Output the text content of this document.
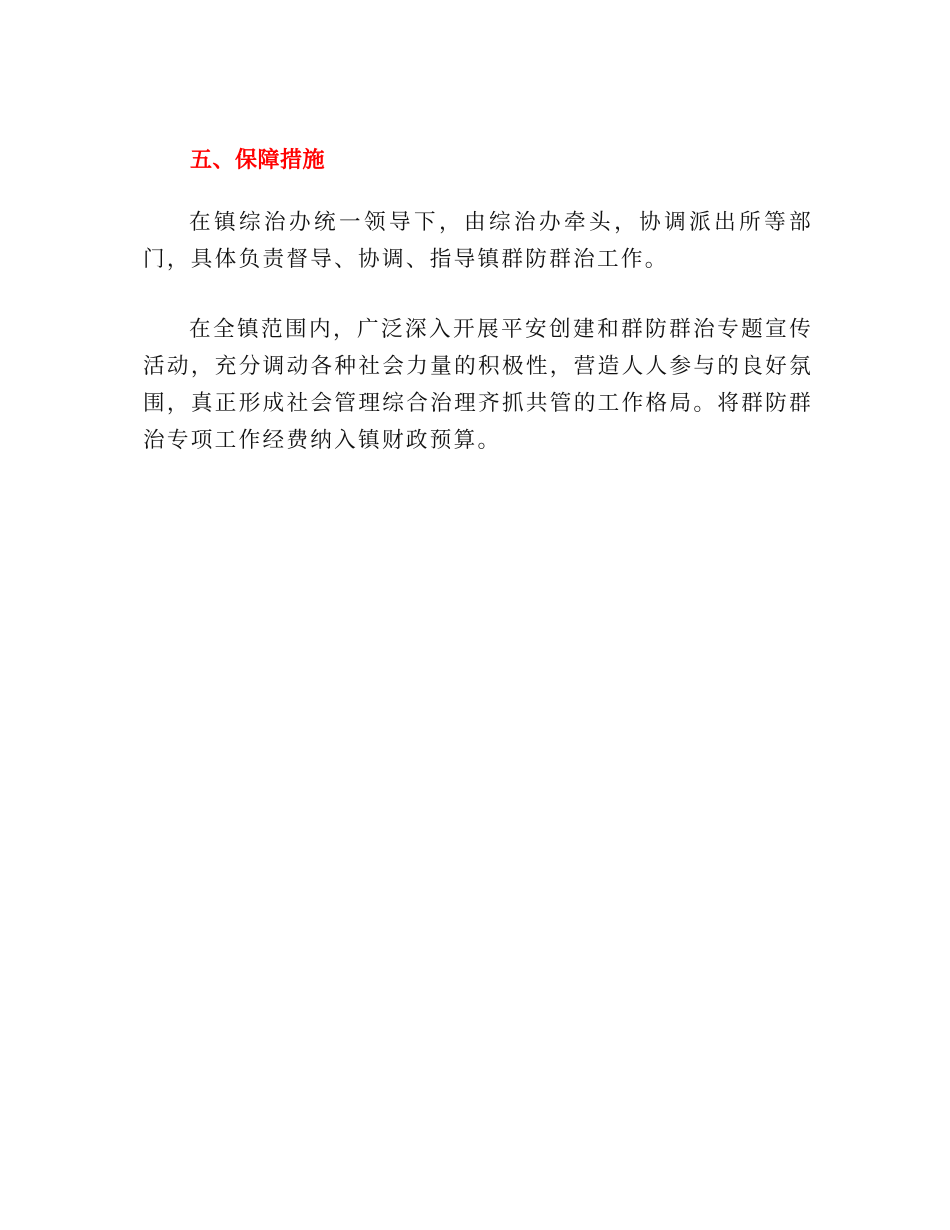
五、保障措施

在镇综治办统一领导下，由综治办牵头，协调派出所等部门，具体负责督导、协调、指导镇群防群治工作。

在全镇范围内，广泛深入开展平安创建和群防群治专题宣传活动，充分调动各种社会力量的积极性，营造人人参与的良好氛围，真正形成社会管理综合治理齐抓共管的工作格局。将群防群治专项工作经费纳入镇财政预算。
